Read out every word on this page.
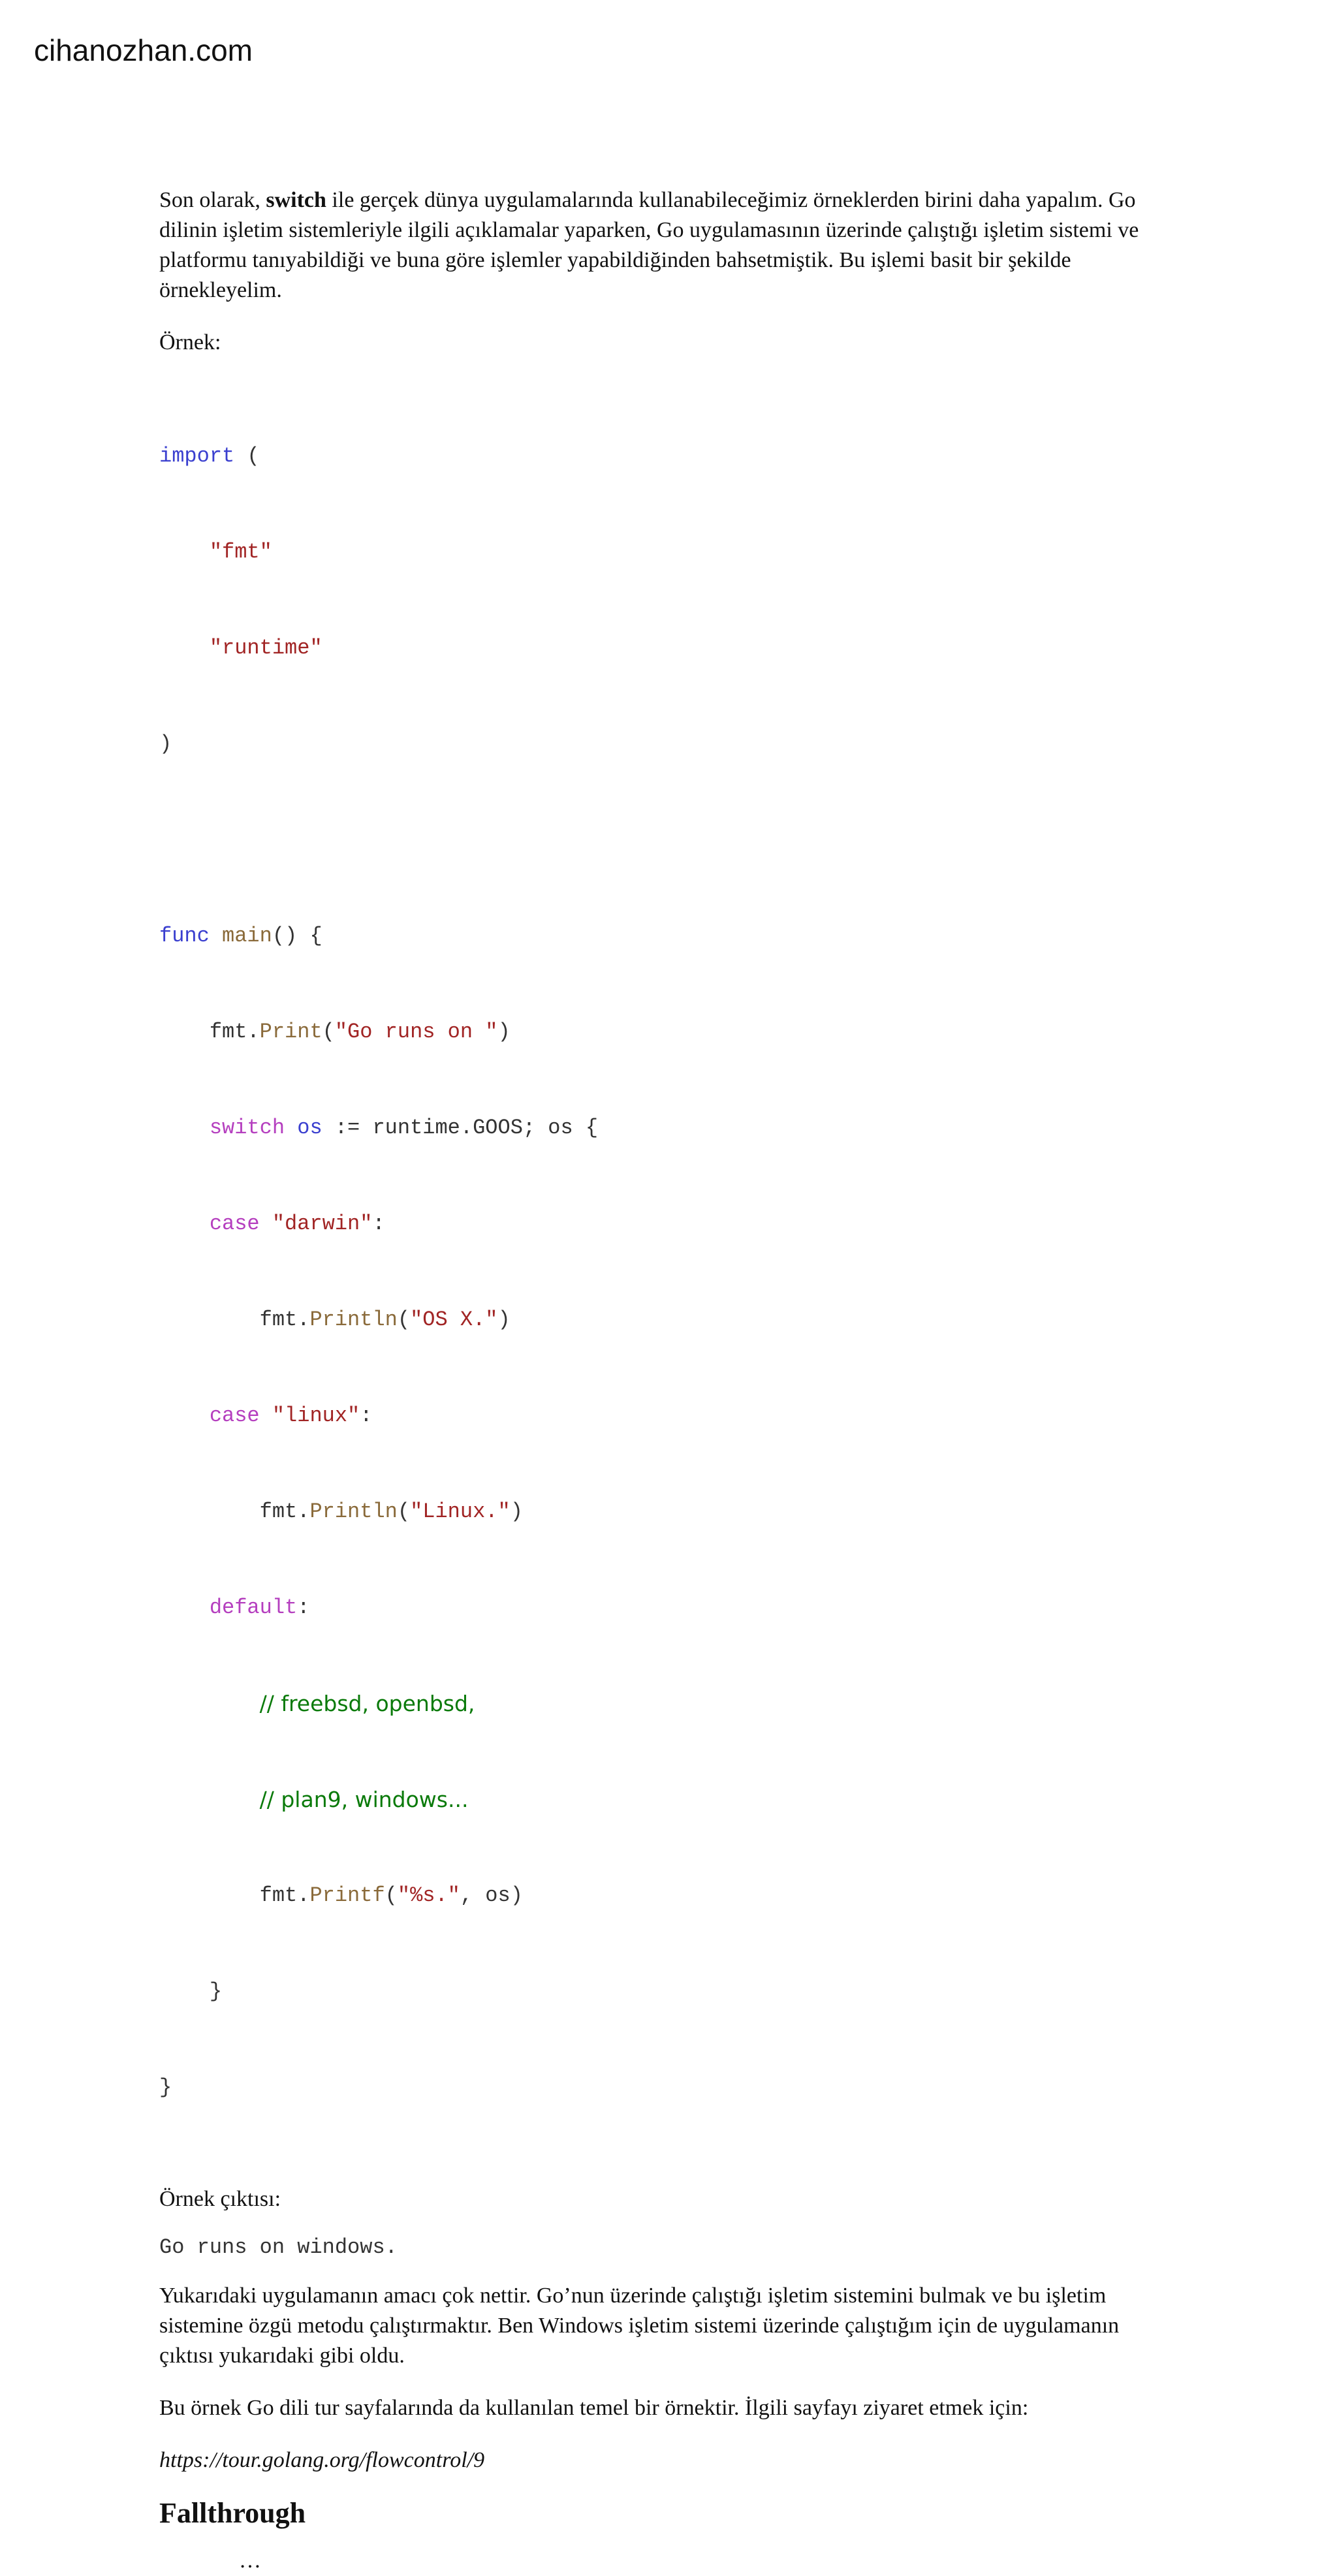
cihanozhan.com

Son olarak, switch ile gerçek dünya uygulamalarında kullanabileceğimiz örneklerden birini daha yapalım. Go dilinin işletim sistemleriyle ilgili açıklamalar yaparken, Go uygulamasının üzerinde çalıştığı işletim sistemi ve platformu tanıyabildiği ve buna göre işlemler yapabildiğinden bahsetmiştik. Bu işlemi basit bir şekilde örnekleyelim.

Örnek:

import (

"fmt"

"runtime"

)

func main() {

fmt.Print("Go runs on ")

switch os := runtime.GOOS; os {

case "darwin":

fmt.Println("OS X.")

case "linux":

fmt.Println("Linux.")

default:

// freebsd, openbsd,

// plan9, windows...

fmt.Printf("%s.", os)

}

}

Örnek çıktısı:

Go runs on windows.

Yukarıdaki uygulamanın amacı çok nettir. Go’nun üzerinde çalıştığı işletim sistemini bulmak ve bu işletim sistemine özgü metodu çalıştırmaktır. Ben Windows işletim sistemi üzerinde çalıştığım için de uygulamanın çıktısı yukarıdaki gibi oldu.

Bu örnek Go dili tur sayfalarında da kullanılan temel bir örnektir. İlgili sayfayı ziyaret etmek için:

https://tour.golang.org/flowcontrol/9

Fallthrough
…
